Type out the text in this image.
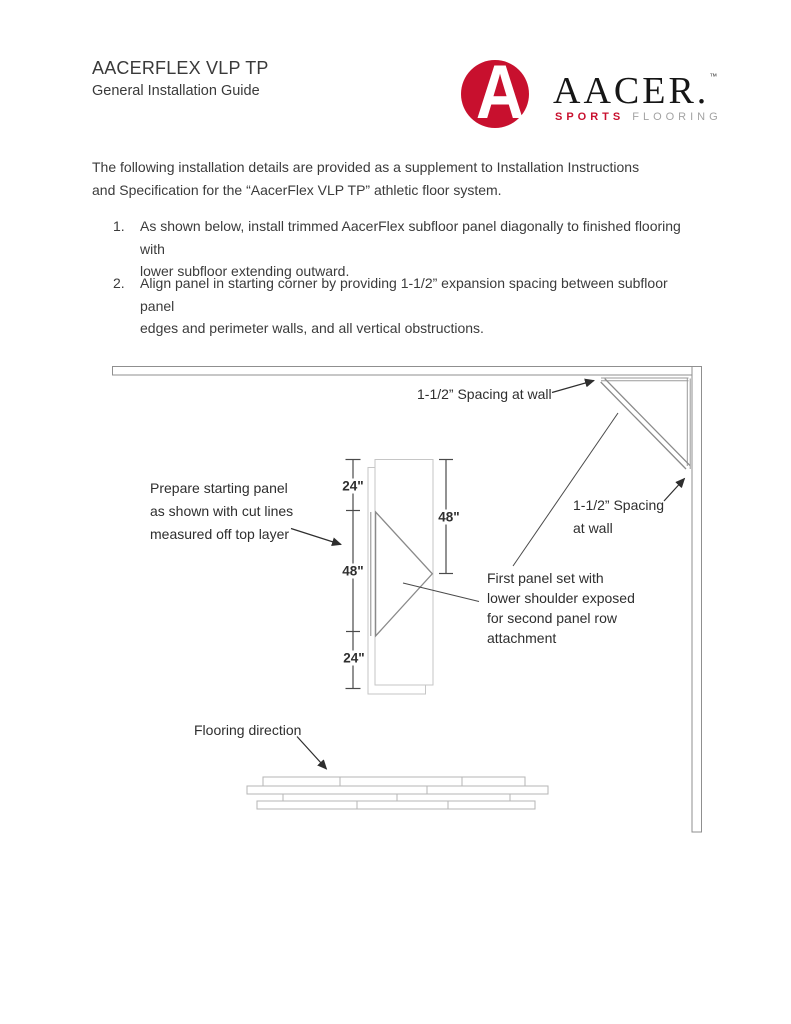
AACERFLEX VLP TP
General Installation Guide	A AACER.™
SPORTS FLOORING
The following installation details are provided as a supplement to Installation Instructions
and Specification for the “AacerFlex VLP TP” athletic floor system.
1.	As shown below, install trimmed AacerFlex subfloor panel diagonally to finished flooring with
lower subfloor extending outward.
2.	Align panel in starting corner by providing 1-1/2” expansion spacing between subfloor panel
edges and perimeter walls, and all vertical obstructions.
1-1/2” Spacing at wall
1-1/2” Spacing
at wall
Prepare starting panel
as shown with cut lines
measured off top layer
First panel set with
lower shoulder exposed
for second panel row
attachment
Flooring direction
24"
48"
24"
48"
